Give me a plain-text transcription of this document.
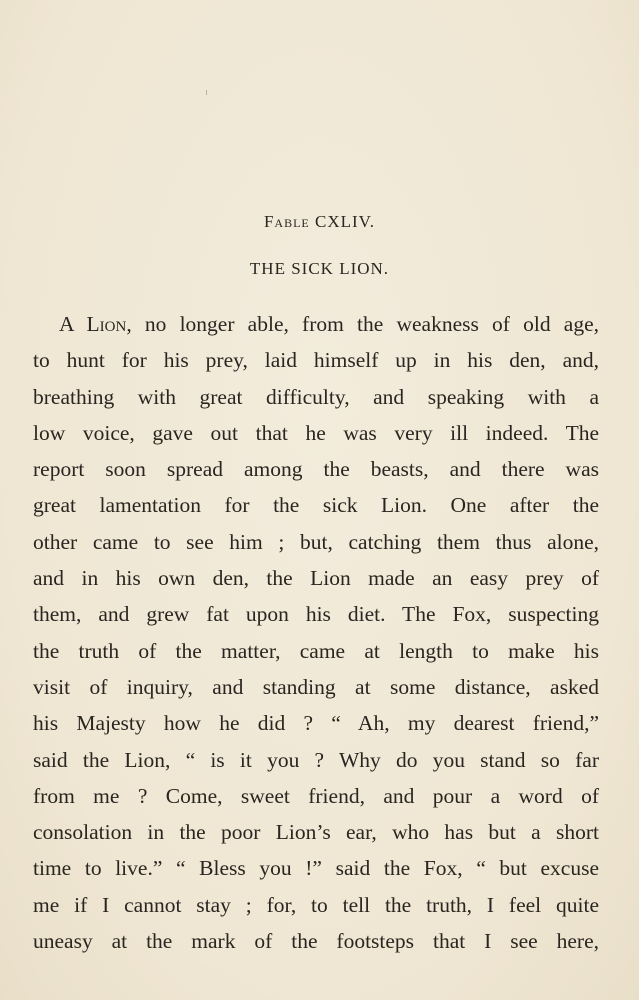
Fable CXLIV.
THE SICK LION.
A Lion, no longer able, from the weakness of old age,
to hunt for his prey, laid himself up in his den, and,
breathing with great difficulty, and speaking with a
low voice, gave out that he was very ill indeed. The
report soon spread among the beasts, and there was
great lamentation for the sick Lion. One after the
other came to see him ; but, catching them thus alone,
and in his own den, the Lion made an easy prey of
them, and grew fat upon his diet. The Fox, suspecting
the truth of the matter, came at length to make his
visit of inquiry, and standing at some distance, asked
his Majesty how he did ? “ Ah, my dearest friend,”
said the Lion, “ is it you ? Why do you stand so far
from me ? Come, sweet friend, and pour a word of
consolation in the poor Lion’s ear, who has but a short
time to live.” “ Bless you !” said the Fox, “ but excuse
me if I cannot stay ; for, to tell the truth, I feel quite
uneasy at the mark of the footsteps that I see here,
